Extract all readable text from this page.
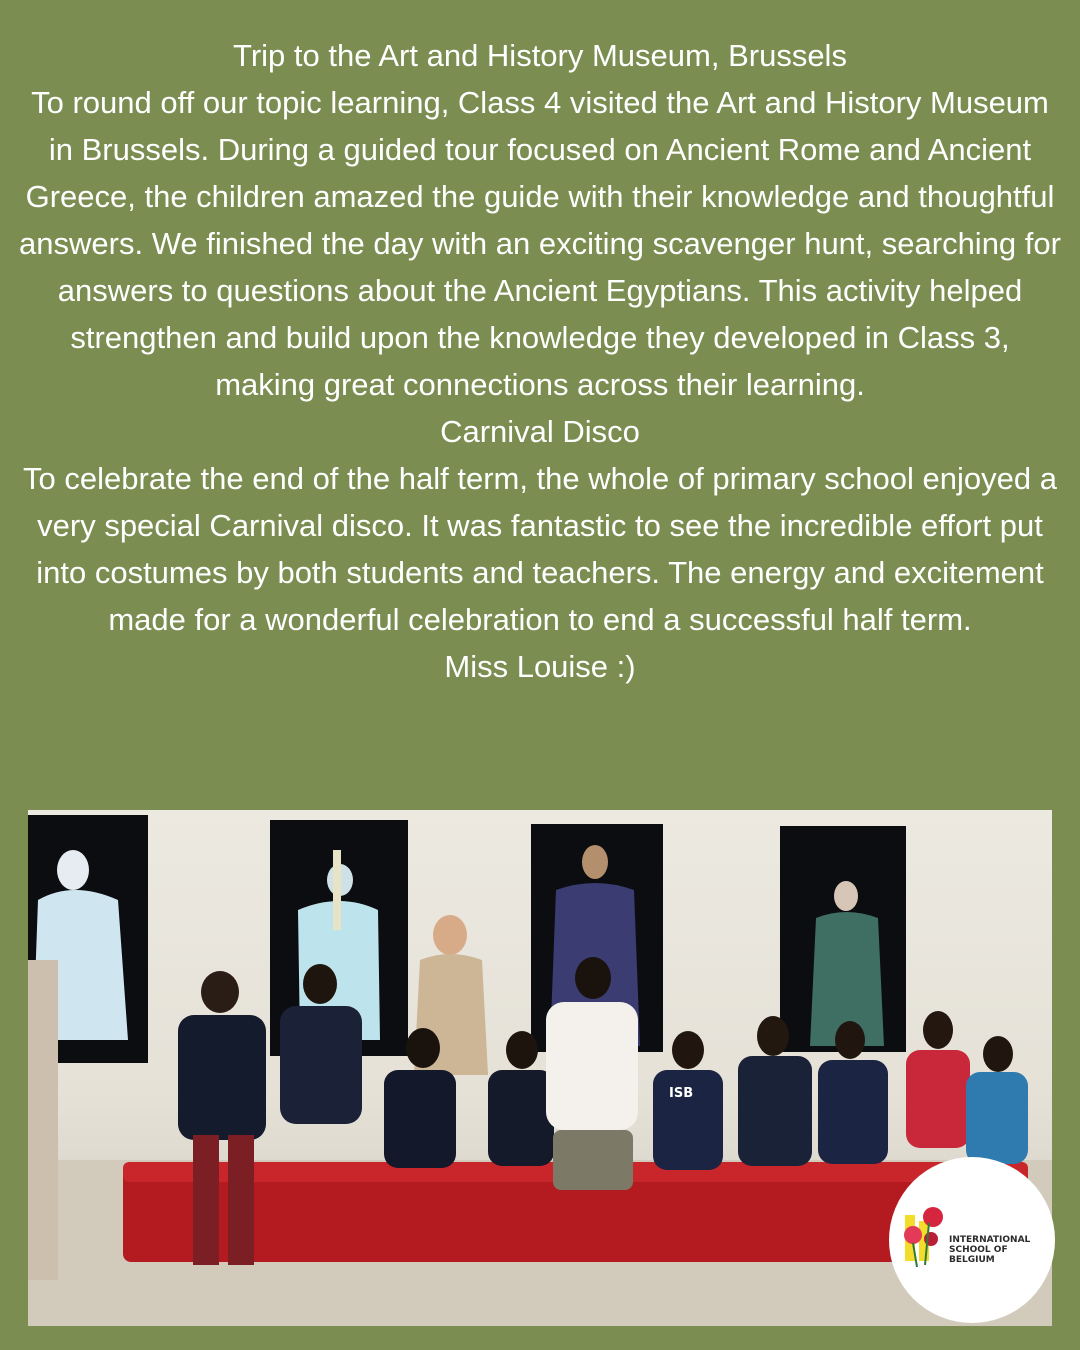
Trip to the Art and History Museum, Brussels

To round off our topic learning, Class 4 visited the Art and History Museum in Brussels. During a guided tour focused on Ancient Rome and Ancient Greece, the children amazed the guide with their knowledge and thoughtful answers. We finished the day with an exciting scavenger hunt, searching for answers to questions about the Ancient Egyptians. This activity helped strengthen and build upon the knowledge they developed in Class 3, making great connections across their learning.

Carnival Disco

To celebrate the end of the half term, the whole of primary school enjoyed a very special Carnival disco. It was fantastic to see the incredible effort put into costumes by both students and teachers. The energy and excitement made for a wonderful celebration to end a successful half term.

Miss Louise :)

ISB
INTERNATIONAL
SCHOOL OF
BELGIUM
